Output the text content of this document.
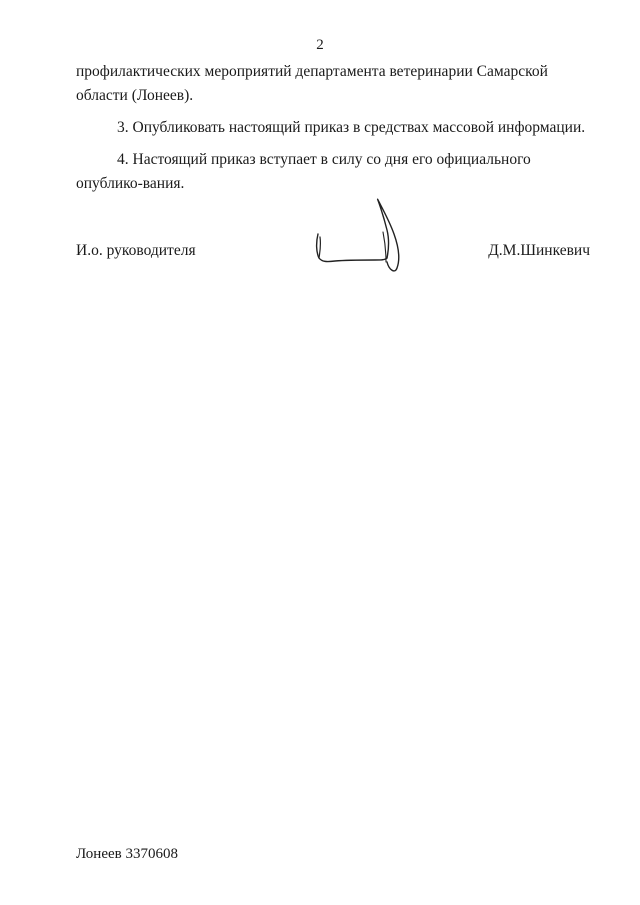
2

профилактических мероприятий департамента ветеринарии Самарской области (Лонеев).

3. Опубликовать настоящий приказ в средствах массовой информации.

4. Настоящий приказ вступает в силу со дня его официального опублико-вания.

И.о. руководителя	Д.М.Шинкевич
Лонеев 3370608
